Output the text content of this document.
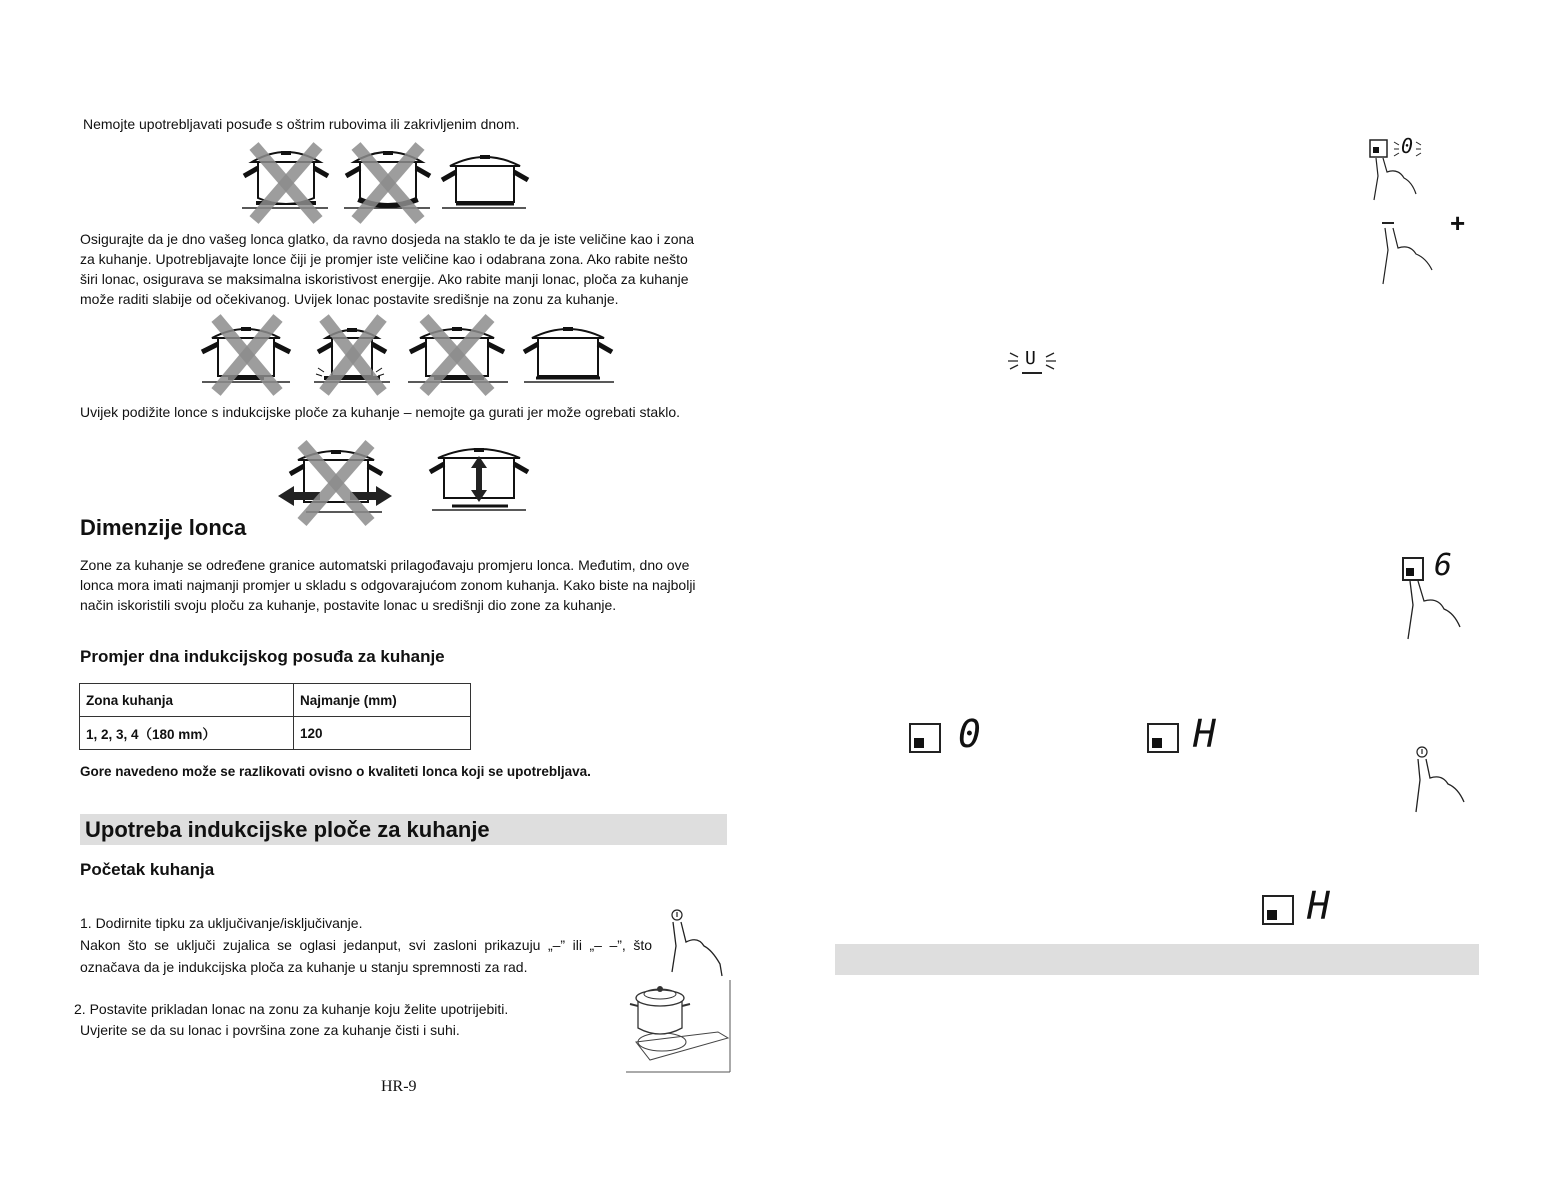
Nemojte upotrebljavati posuđe s oštrim rubovima ili zakrivljenim dnom.

Osigurajte da je dno vašeg lonca glatko, da ravno dosjeda na staklo te da je iste veličine kao i zona

za kuhanje. Upotrebljavajte lonce čiji je promjer iste veličine kao i odabrana zona. Ako rabite nešto

širi lonac, osigurava se maksimalna iskoristivost energije. Ako rabite manji lonac, ploča za kuhanje

može raditi slabije od očekivanog. Uvijek lonac postavite središnje na zonu za kuhanje.

Uvijek podižite lonce s indukcijske ploče za kuhanje – nemojte ga gurati jer može ogrebati staklo.

Dimenzije lonca

Zone za kuhanje se određene granice automatski prilagođavaju promjeru lonca. Međutim, dno ove

lonca mora imati najmanji promjer u skladu s odgovarajućom zonom kuhanja. Kako biste na najbolji

način iskoristili svoju ploču za kuhanje, postavite lonac u središnji dio zone za kuhanje.

Promjer dna indukcijskog posuđa za kuhanje
Zona kuhanja	Najmanje (mm)
1, 2, 3, 4（180 mm）	120

Gore navedeno može se razlikovati ovisno o kvaliteti lonca koji se upotrebljava.

Upotreba indukcijske ploče za kuhanje
Početak kuhanja

1. Dodirnite tipku za uključivanje/isključivanje.

Nakon što se uključi zujalica se oglasi jedanput, svi zasloni prikazuju „–” ili „– –”, što

označava da je indukcijska ploča za kuhanje u stanju spremnosti za rad.

2. Postavite prikladan lonac na zonu za kuhanje koju želite upotrijebiti.

Uvjerite se da su lonac i površina zone za kuhanje čisti i suhi.

HR-9
0
+
U
6
0	H
H
